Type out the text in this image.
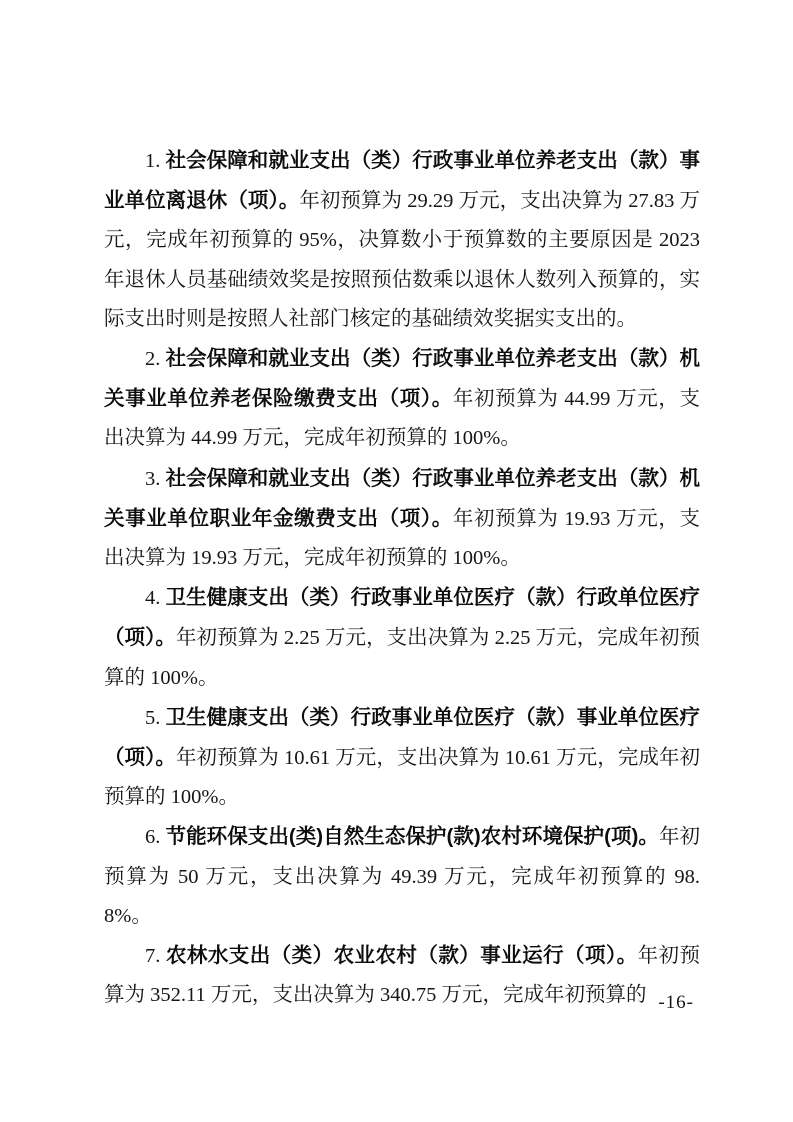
1. 社会保障和就业支出（类）行政事业单位养老支出（款）事业单位离退休（项）。年初预算为 29.29 万元，支出决算为 27.83 万元，完成年初预算的 95%，决算数小于预算数的主要原因是 2023 年退休人员基础绩效奖是按照预估数乘以退休人数列入预算的，实际支出时则是按照人社部门核定的基础绩效奖据实支出的。

2. 社会保障和就业支出（类）行政事业单位养老支出（款）机关事业单位养老保险缴费支出（项）。年初预算为 44.99 万元，支出决算为 44.99 万元，完成年初预算的 100%。

3. 社会保障和就业支出（类）行政事业单位养老支出（款）机关事业单位职业年金缴费支出（项）。年初预算为 19.93 万元，支出决算为 19.93 万元，完成年初预算的 100%。

4. 卫生健康支出（类）行政事业单位医疗（款）行政单位医疗（项）。年初预算为 2.25 万元，支出决算为 2.25 万元，完成年初预算的 100%。

5. 卫生健康支出（类）行政事业单位医疗（款）事业单位医疗（项）。年初预算为 10.61 万元，支出决算为 10.61 万元，完成年初预算的 100%。

6. 节能环保支出(类)自然生态保护(款)农村环境保护(项)。年初预算为 50 万元，支出决算为 49.39 万元，完成年初预算的 98.8%。

7. 农林水支出（类）农业农村（款）事业运行（项）。年初预算为 352.11 万元，支出决算为 340.75 万元，完成年初预算的 -16-
